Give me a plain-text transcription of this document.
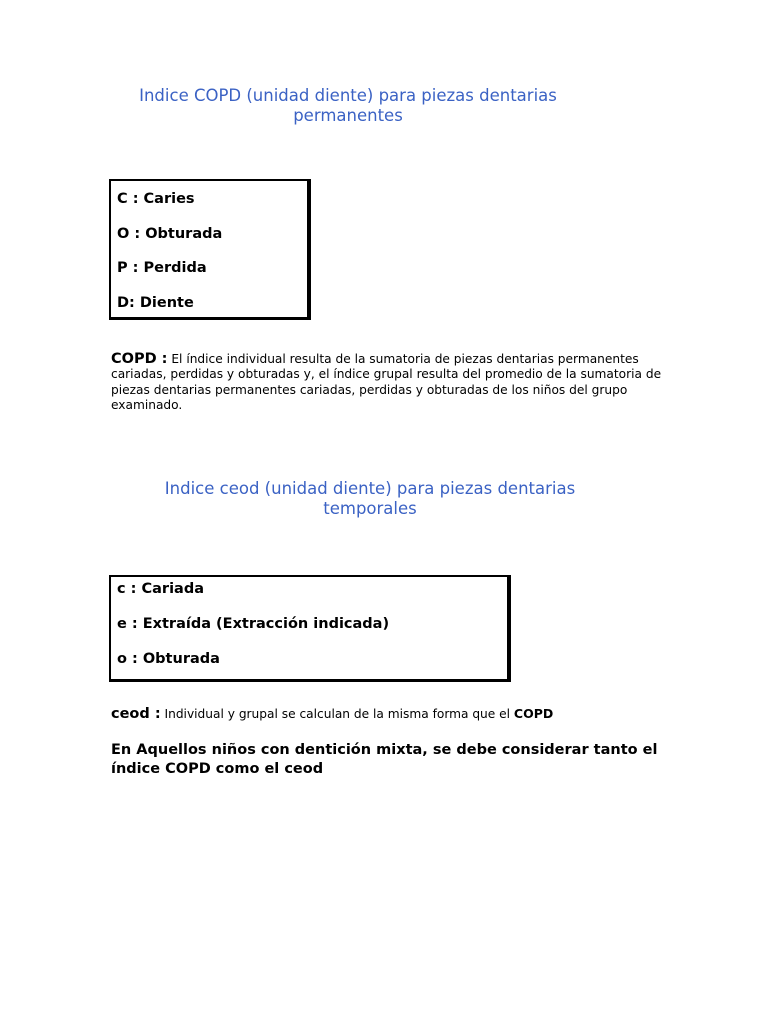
Indice COPD (unidad diente) para piezas dentarias
permanentes
C : Caries
O : Obturada
P : Perdida
D: Diente

COPD : El índice individual resulta de la sumatoria de piezas dentarias permanentes cariadas, perdidas y obturadas y, el índice grupal resulta del promedio de la sumatoria de piezas dentarias permanentes cariadas, perdidas y obturadas de los niños del grupo examinado.

Indice ceod (unidad diente) para piezas dentarias
temporales
c : Cariada
e : Extraída (Extracción indicada)
o : Obturada

ceod : Individual y grupal se calculan de la misma forma que el COPD

En Aquellos niños con dentición mixta, se debe considerar tanto el índice COPD como el ceod
